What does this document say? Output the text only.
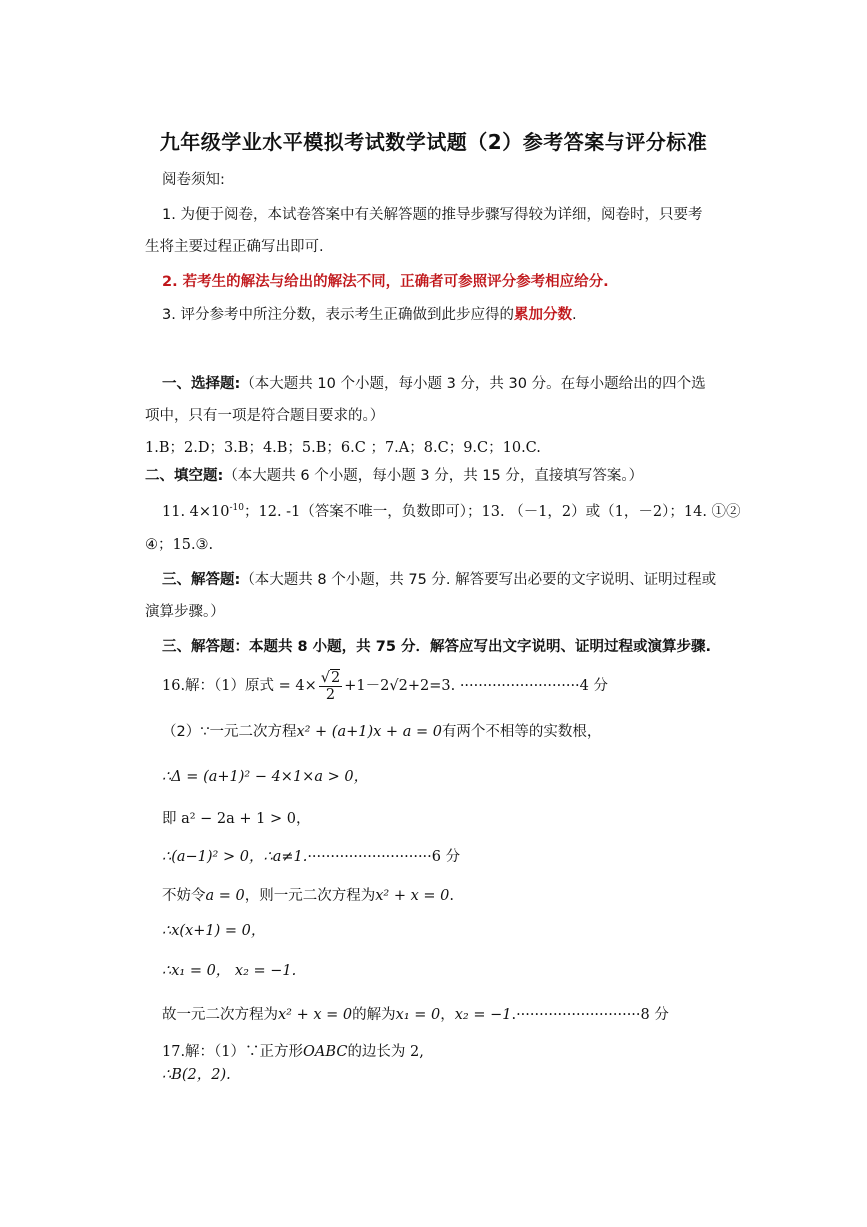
九年级学业水平模拟考试数学试题（2）参考答案与评分标准
阅卷须知:
1. 为便于阅卷，本试卷答案中有关解答题的推导步骤写得较为详细，阅卷时，只要考
生将主要过程正确写出即可.
2. 若考生的解法与给出的解法不同，正确者可参照评分参考相应给分.
3. 评分参考中所注分数，表示考生正确做到此步应得的累加分数.
一、选择题:（本大题共 10 个小题，每小题 3 分，共 30 分。在每小题给出的四个选
项中，只有一项是符合题目要求的。）
1.B；2.D；3.B；4.B；5.B；6.C ；7.A；8.C；9.C；10.C.
二、填空题:（本大题共 6 个小题，每小题 3 分，共 15 分，直接填写答案。）
11. $4\times 10^{-10}$；12. -1（答案不唯一，负数即可）；13. （－1，2）或（1，－2）；14. ①②
④；15.③.
三、解答题:（本大题共 8 个小题，共 75 分. 解答要写出必要的文字说明、证明过程或
演算步骤。）
三、解答题：本题共 8 小题，共 75 分．解答应写出文字说明、证明过程或演算步骤.
16.解：（1）原式 = $4\times \frac{√2}{2} +1-2√2+2=3$. ··························4 分
（2）∵一元二次方程x² + (a+1)x + a = 0有两个不相等的实数根，
∴Δ = (a+1)² − 4×1×a > 0，
即 a² − 2a + 1 > 0，
∴(a−1)² > 0，∴a≠1.···························6 分
不妨令a = 0，则一元二次方程为x² + x = 0.
∴x(x+1) = 0，
∴x₁ = 0， x₂ = −1.
故一元二次方程为x² + x = 0的解为x₁ = 0，x₂ = −1.···························8 分
17.解：（1）∵正方形OABC的边长为 2,
∴B(2，2).
